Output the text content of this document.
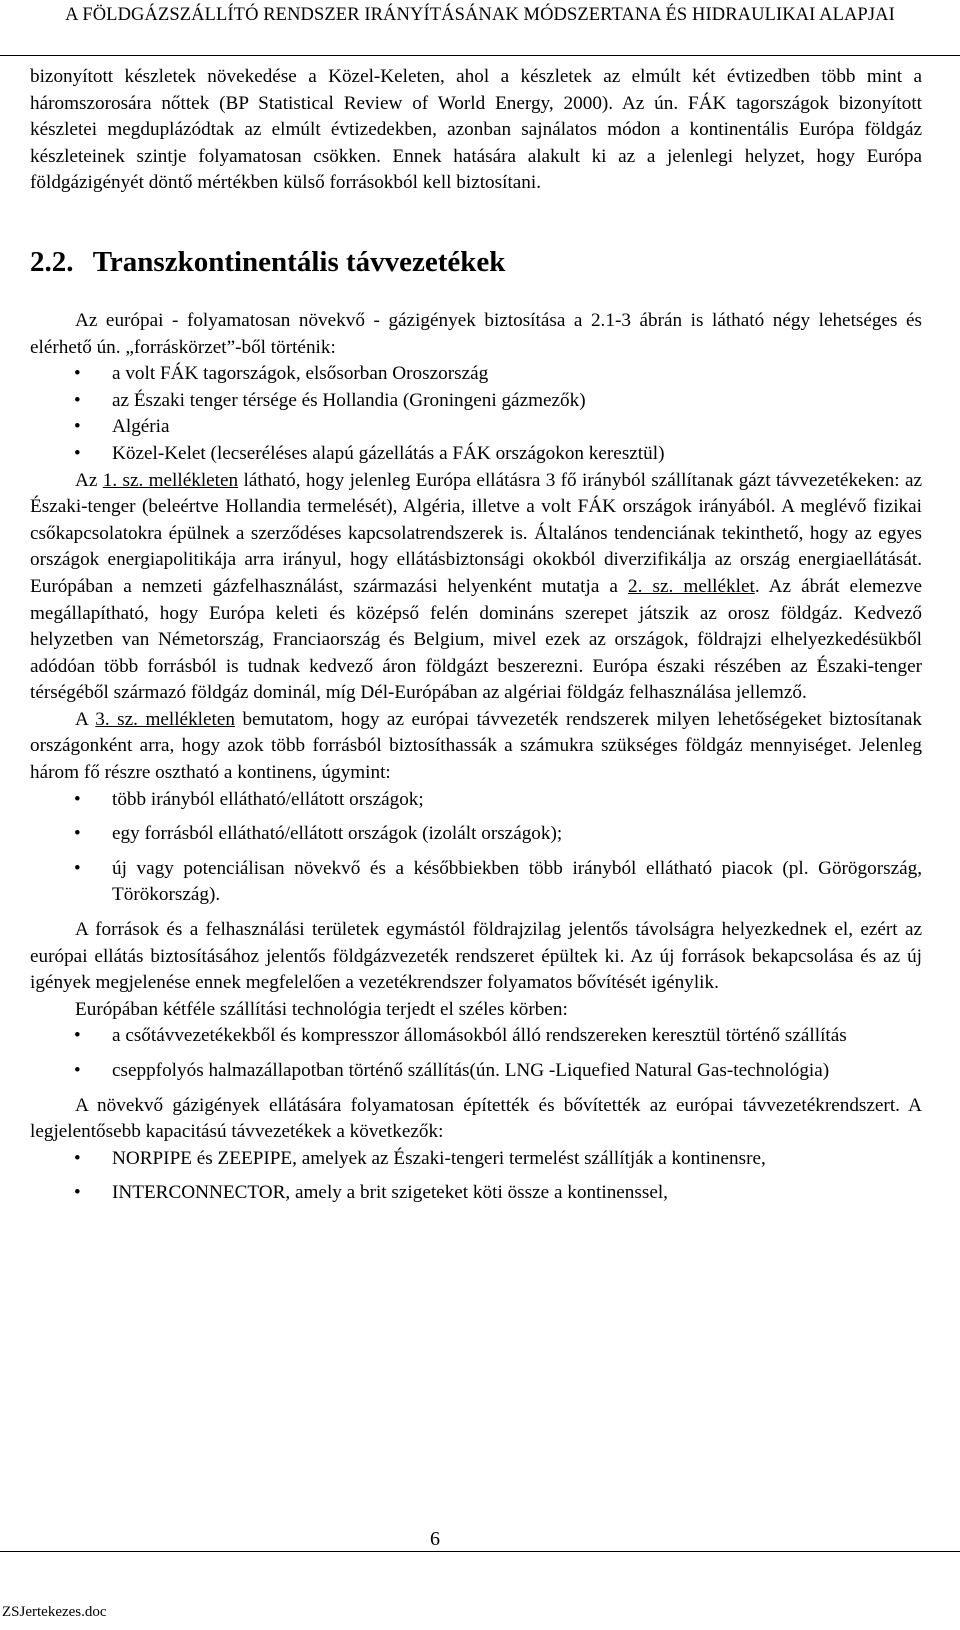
A FÖLDGÁZSZÁLLÍTÓ RENDSZER IRÁNYÍTÁSÁNAK MÓDSZERTANA ÉS HIDRAULIKAI ALAPJAI

bizonyított készletek növekedése a Közel-Keleten, ahol a készletek az elmúlt két évtizedben több mint a háromszorosára nőttek (BP Statistical Review of World Energy, 2000). Az ún. FÁK tagországok bizonyított készletei megduplázódtak az elmúlt évtizedekben, azonban sajnálatos módon a kontinentális Európa földgáz készleteinek szintje folyamatosan csökken. Ennek hatására alakult ki az a jelenlegi helyzet, hogy Európa földgázigényét döntő mértékben külső forrásokból kell biztosítani.

2.2. Transzkontinentális távvezetékek

Az európai - folyamatosan növekvő - gázigények biztosítása a 2.1-3 ábrán is látható négy lehetséges és elérhető ún. „forráskörzet”-ből történik:

• a volt FÁK tagországok, elsősorban Oroszország
• az Északi tenger térsége és Hollandia (Groningeni gázmezők)
• Algéria
• Közel-Kelet (lecseréléses alapú gázellátás a FÁK országokon keresztül)

Az 1. sz. mellékleten látható, hogy jelenleg Európa ellátásra 3 fő irányból szállítanak gázt távvezetékeken: az Északi-tenger (beleértve Hollandia termelését), Algéria, illetve a volt FÁK országok irányából. A meglévő fizikai csőkapcsolatokra épülnek a szerződéses kapcsolatrendszerek is. Általános tendenciának tekinthető, hogy az egyes országok energiapolitikája arra irányul, hogy ellátásbiztonsági okokból diverzifikálja az ország energiaellátását. Európában a nemzeti gázfelhasználást, származási helyenként mutatja a 2. sz. melléklet. Az ábrát elemezve megállapítható, hogy Európa keleti és középső felén domináns szerepet játszik az orosz földgáz. Kedvező helyzetben van Németország, Franciaország és Belgium, mivel ezek az országok, földrajzi elhelyezkedésükből adódóan több forrásból is tudnak kedvező áron földgázt beszerezni. Európa északi részében az Északi-tenger térségéből származó földgáz dominál, míg Dél-Európában az algériai földgáz felhasználása jellemző.

A 3. sz. mellékleten bemutatom, hogy az európai távvezeték rendszerek milyen lehetőségeket biztosítanak országonként arra, hogy azok több forrásból biztosíthassák a számukra szükséges földgáz mennyiséget. Jelenleg három fő részre osztható a kontinens, úgymint:

• több irányból ellátható/ellátott országok;
• egy forrásból ellátható/ellátott országok (izolált országok);
• új vagy potenciálisan növekvő és a későbbiekben több irányból ellátható piacok (pl. Görögország, Törökország).

A források és a felhasználási területek egymástól földrajzilag jelentős távolságra helyezkednek el, ezért az európai ellátás biztosításához jelentős földgázvezeték rendszeret épültek ki. Az új források bekapcsolása és az új igények megjelenése ennek megfelelően a vezetékrendszer folyamatos bővítését igénylik.

Európában kétféle szállítási technológia terjedt el széles körben:

• a csőtávvezetékekből és kompresszor állomásokból álló rendszereken keresztül történő szállítás
• cseppfolyós halmazállapotban történő szállítás(ún. LNG -Liquefied Natural Gas-technológia)

A növekvő gázigények ellátására folyamatosan építették és bővítették az európai távvezetékrendszert. A legjelentősebb kapacitású távvezetékek a következők:

• NORPIPE és ZEEPIPE, amelyek az Északi-tengeri termelést szállítják a kontinensre,
• INTERCONNECTOR, amely a brit szigeteket köti össze a kontinenssel,
6
ZSJertekezes.doc
